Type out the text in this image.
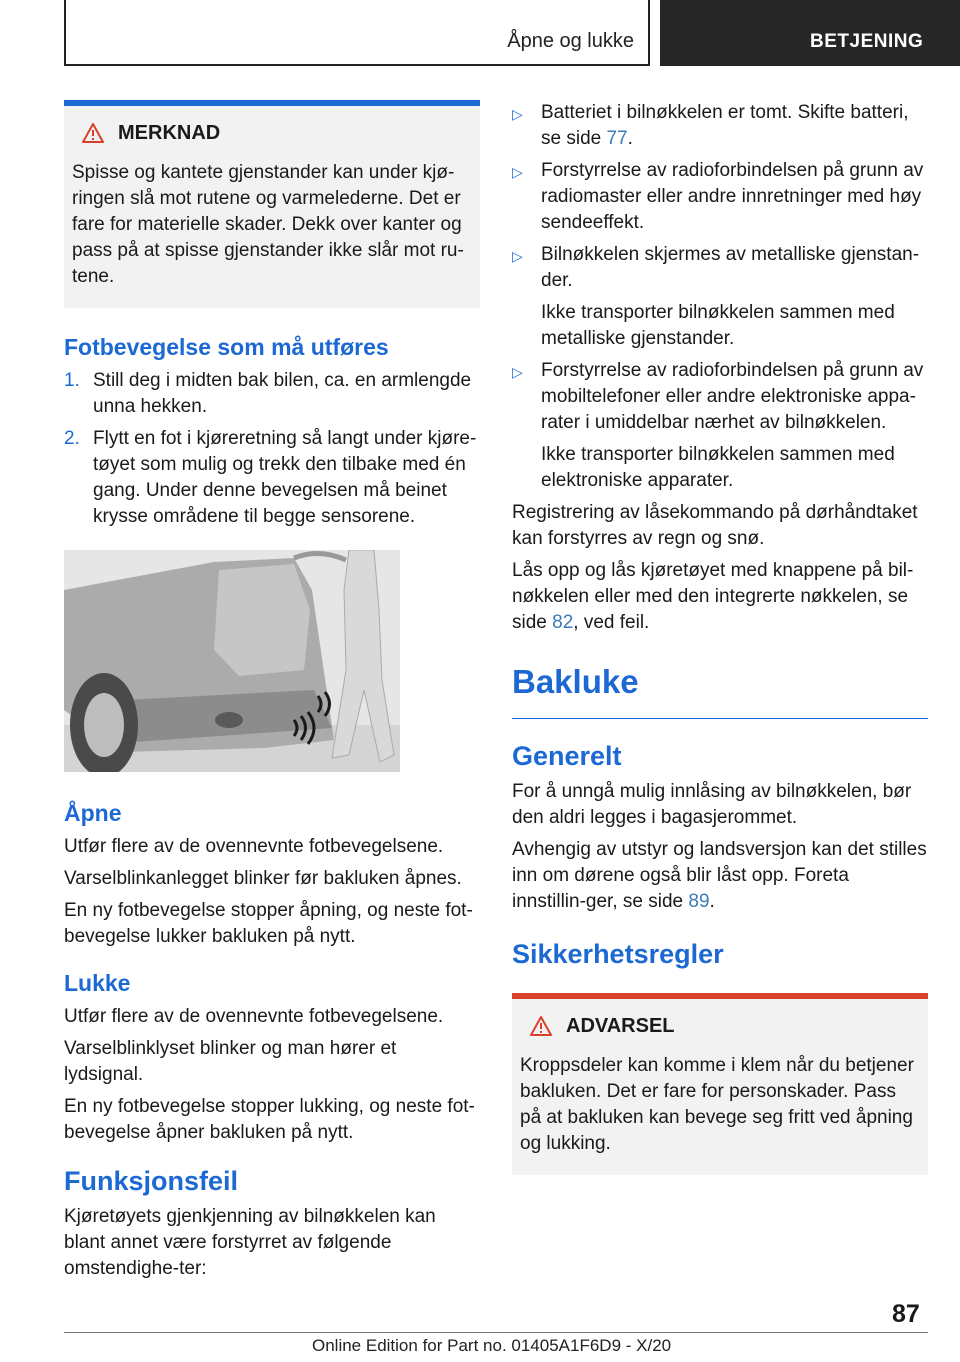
Åpne og lukke	BETJENING
MERKNAD
Spisse og kantete gjenstander kan under kjø‐ringen slå mot rutene og varmelederne. Det er fare for materielle skader. Dekk over kanter og pass på at spisse gjenstander ikke slår mot ru‐tene.
Fotbevegelse som må utføres
1. Still deg i midten bak bilen, ca. en armlengde unna hekken.
2. Flytt en fot i kjøreretning så langt under kjøre‐tøyet som mulig og trekk den tilbake med én gang. Under denne bevegelsen må beinet krysse områdene til begge sensorene.
Åpne

Utfør flere av de ovennevnte fotbevegelsene.

Varselblinkanlegget blinker før bakluken åpnes.

En ny fotbevegelse stopper åpning, og neste fot‐bevegelse lukker bakluken på nytt.

Lukke

Utfør flere av de ovennevnte fotbevegelsene.

Varselblinklyset blinker og man hører et lydsignal.

En ny fotbevegelse stopper lukking, og neste fot‐bevegelse åpner bakluken på nytt.

Funksjonsfeil

Kjøretøyets gjenkjenning av bilnøkkelen kan blant annet være forstyrret av følgende omstendighe‐ter:

▷ Batteriet i bilnøkkelen er tomt. Skifte batteri, se side 77.

▷ Forstyrrelse av radioforbindelsen på grunn av radiomaster eller andre innretninger med høy sendeeffekt.

▷ Bilnøkkelen skjermes av metalliske gjenstan‐der.

Ikke transporter bilnøkkelen sammen med metalliske gjenstander.

▷ Forstyrrelse av radioforbindelsen på grunn av mobiltelefoner eller andre elektroniske appa‐rater i umiddelbar nærhet av bilnøkkelen.

Ikke transporter bilnøkkelen sammen med elektroniske apparater.

Registrering av låsekommando på dørhåndtaket kan forstyrres av regn og snø.

Lås opp og lås kjøretøyet med knappene på bil‐nøkkelen eller med den integrerte nøkkelen, se side 82, ved feil.

Bakluke
Generelt

For å unngå mulig innlåsing av bilnøkkelen, bør den aldri legges i bagasjerommet.

Avhengig av utstyr og landsversjon kan det stilles inn om dørene også blir låst opp. Foreta innstillin‐ger, se side 89.

Sikkerhetsregler
ADVARSEL
Kroppsdeler kan komme i klem når du betjener bakluken. Det er fare for personskader. Pass på at bakluken kan bevege seg fritt ved åpning og lukking.
87
Online Edition for Part no. 01405A1F6D9 - X/20
